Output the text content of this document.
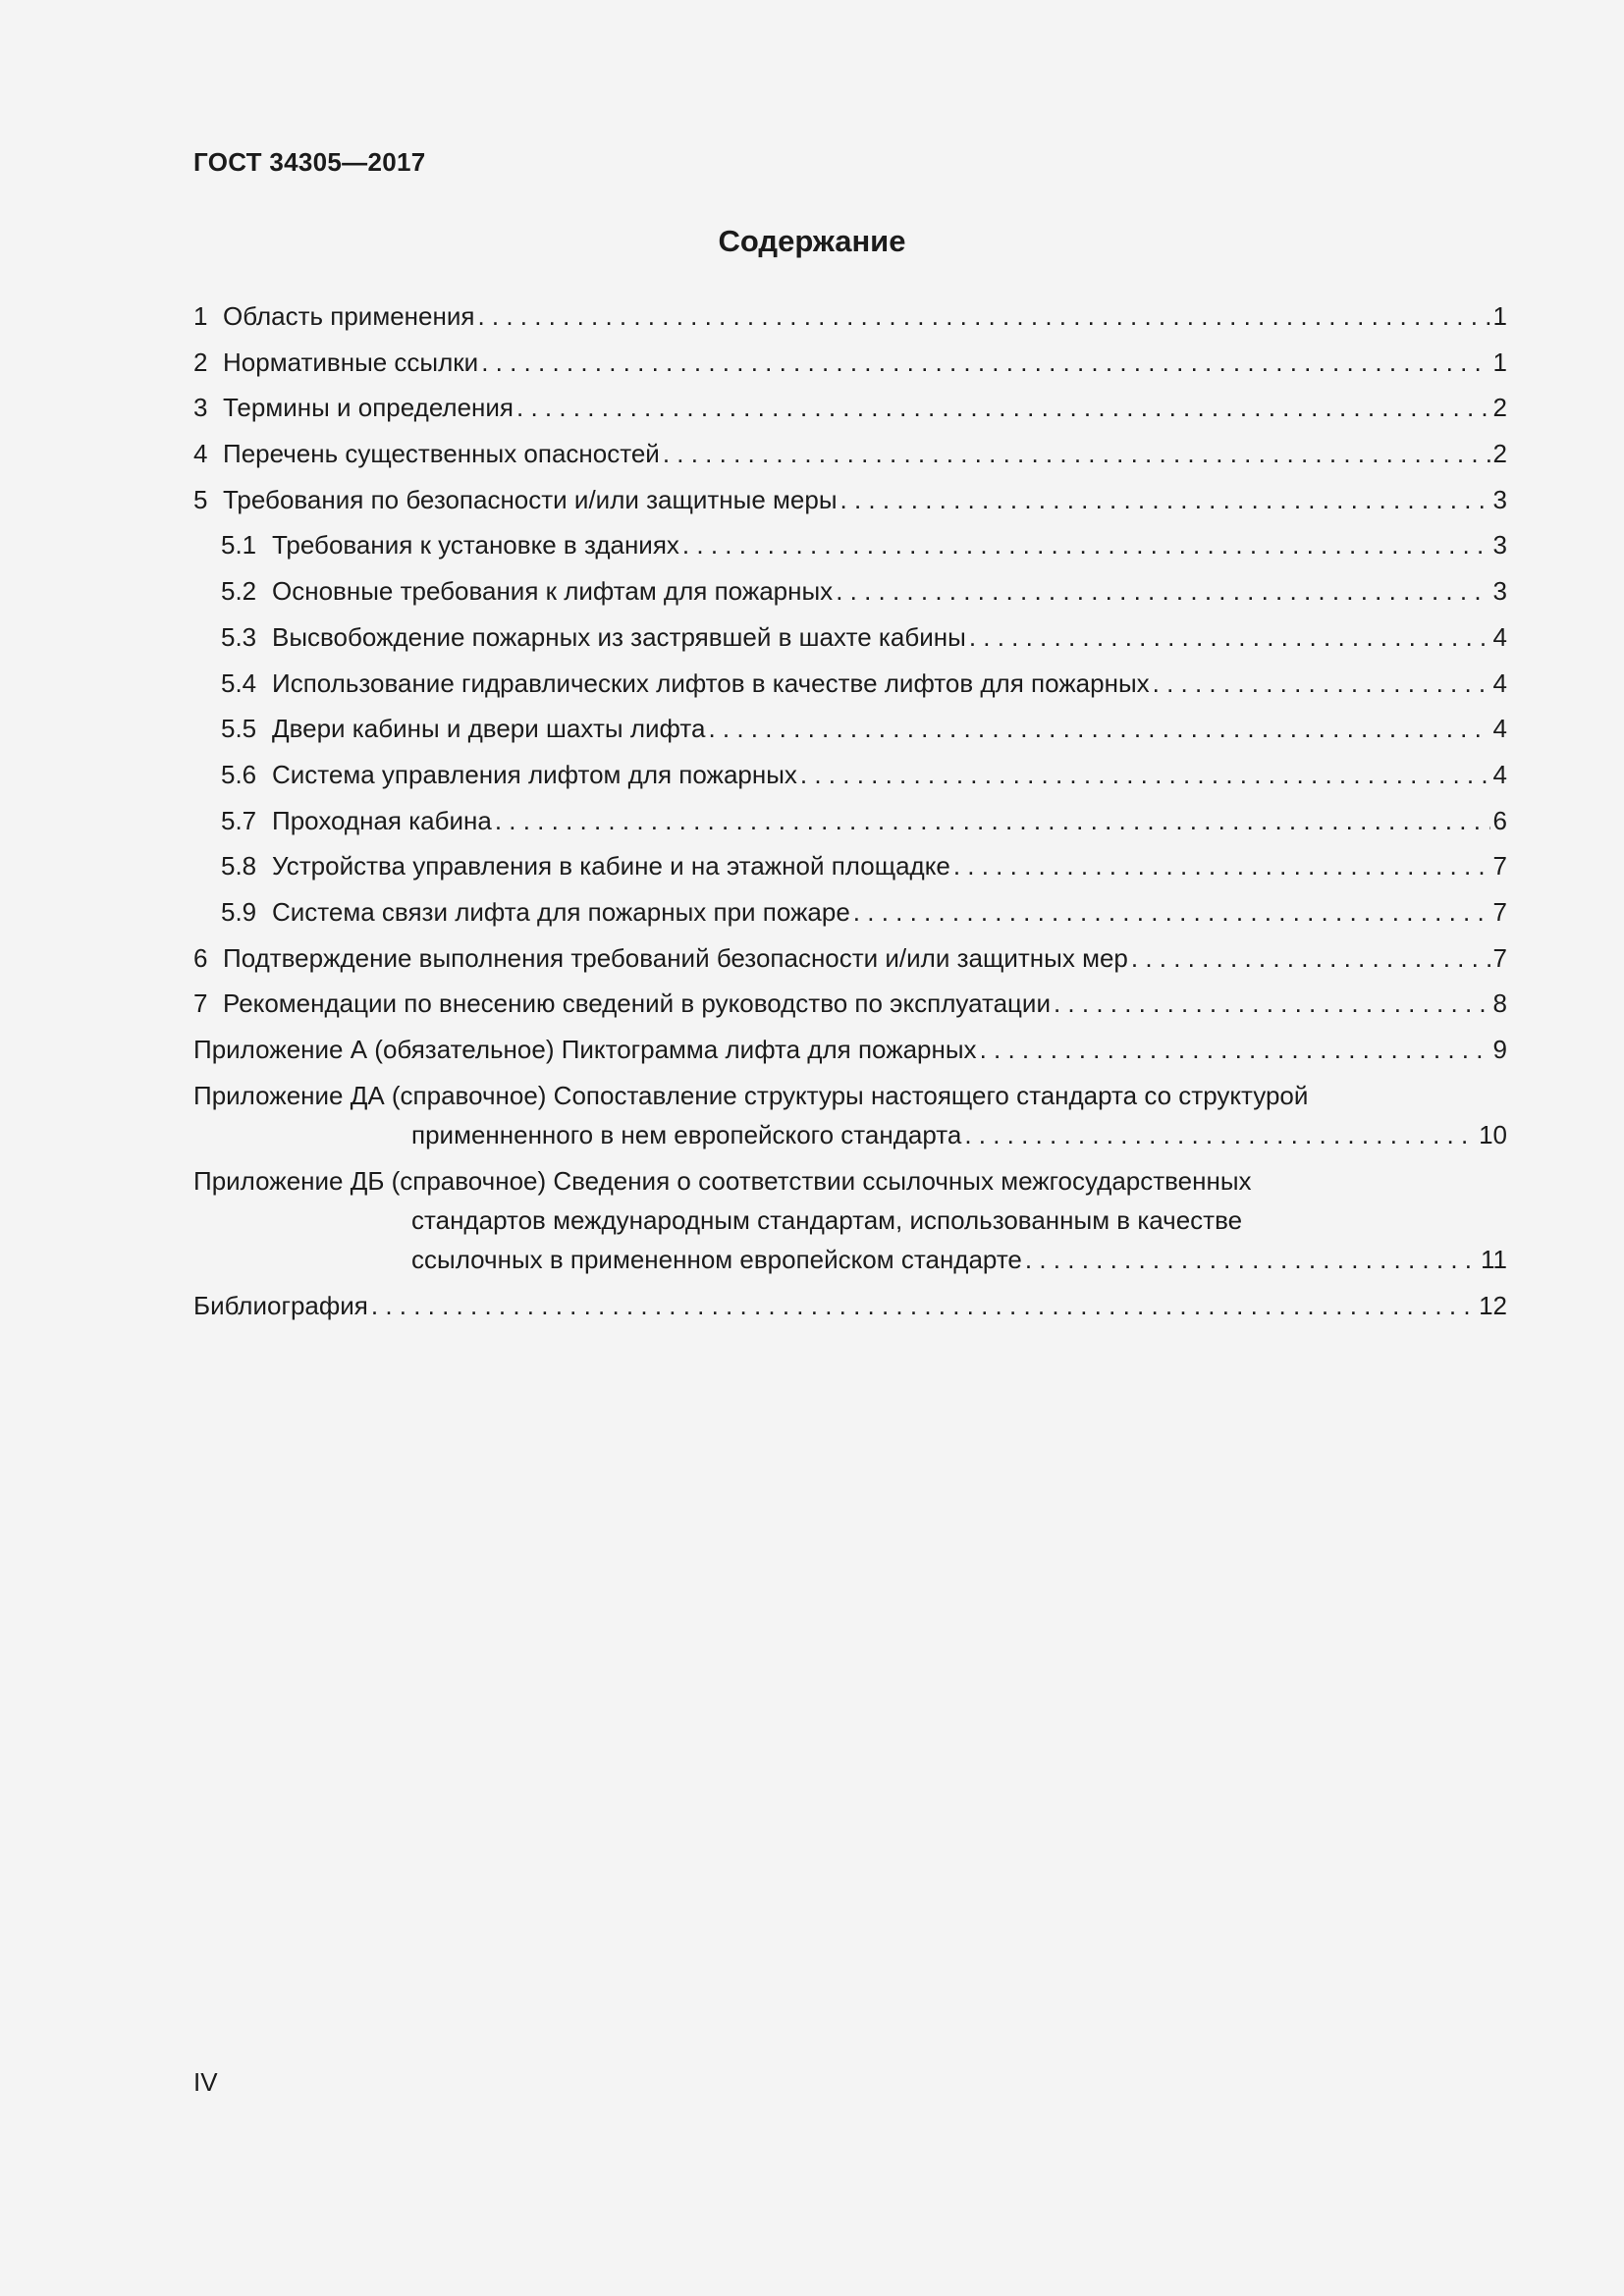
ГОСТ 34305—2017
Содержание
1 Область применения . . .	1
2 Нормативные ссылки . . .	1
3 Термины и определения . . .	2
4 Перечень существенных опасностей . . .	2
5 Требования по безопасности и/или защитные меры . . .	3
5.1 Требования к установке в зданиях . . .	3
5.2 Основные требования к лифтам для пожарных . . .	3
5.3 Высвобождение пожарных из застрявшей в шахте кабины . . .	4
5.4 Использование гидравлических лифтов в качестве лифтов для пожарных . . .	4
5.5 Двери кабины и двери шахты лифта . . .	4
5.6 Система управления лифтом для пожарных . . .	4
5.7 Проходная кабина . . .	6
5.8 Устройства управления в кабине и на этажной площадке . . .	7
5.9 Система связи лифта для пожарных при пожаре . . .	7
6 Подтверждение выполнения требований безопасности и/или защитных мер . . .	7
7 Рекомендации по внесению сведений в руководство по эксплуатации . . .	8
Приложение А (обязательное) Пиктограмма лифта для пожарных . . .	9
Приложение ДА (справочное) Сопоставление структуры настоящего стандарта со структурой
применненного в нем европейского стандарта . . .	10
Приложение ДБ (справочное) Сведения о соответствии ссылочных межгосударственных
стандартов международным стандартам, использованным в качестве
ссылочных в примененном европейском стандарте . . .	11
Библиография . . .	12
IV
